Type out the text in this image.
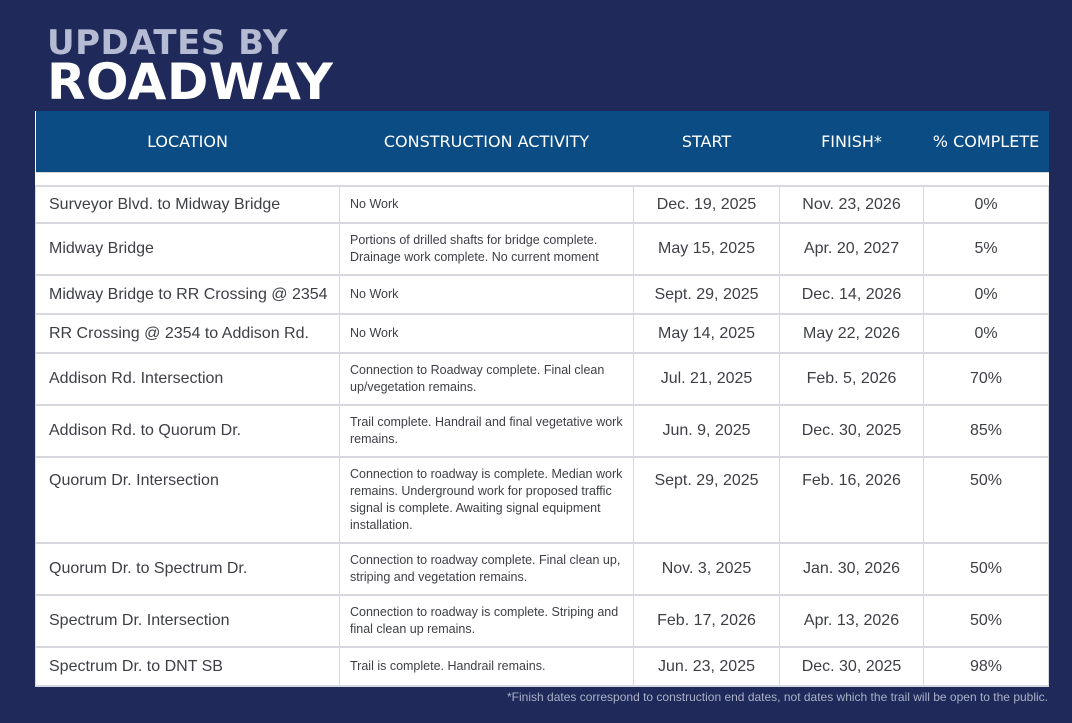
UPDATES BY
ROADWAY
LOCATION	CONSTRUCTION ACTIVITY	START	FINISH*	% COMPLETE

Surveyor Blvd. to Midway Bridge	No Work	Dec. 19, 2025	Nov. 23, 2026	0%
Midway Bridge	Portions of drilled shafts for bridge complete. Drainage work complete. No current moment	May 15, 2025	Apr. 20, 2027	5%
Midway Bridge to RR Crossing @ 2354	No Work	Sept. 29, 2025	Dec. 14, 2026	0%
RR Crossing @ 2354 to Addison Rd.	No Work	May 14, 2025	May 22, 2026	0%
Addison Rd. Intersection	Connection to Roadway complete. Final clean up/vegetation remains.	Jul. 21, 2025	Feb. 5, 2026	70%
Addison Rd. to Quorum Dr.	Trail complete. Handrail and final vegetative work remains.	Jun. 9, 2025	Dec. 30, 2025	85%
Quorum Dr. Intersection	Connection to roadway is complete. Median work remains. Underground work for proposed traffic signal is complete. Awaiting signal equipment installation.	Sept. 29, 2025	Feb. 16, 2026	50%
Quorum Dr. to Spectrum Dr.	Connection to roadway complete. Final clean up, striping and vegetation remains.	Nov. 3, 2025	Jan. 30, 2026	50%
Spectrum Dr. Intersection	Connection to roadway is complete. Striping and final clean up remains.	Feb. 17, 2026	Apr. 13, 2026	50%
Spectrum Dr. to DNT SB	Trail is complete. Handrail remains.	Jun. 23, 2025	Dec. 30, 2025	98%
*Finish dates correspond to construction end dates, not dates which the trail will be open to the public.
